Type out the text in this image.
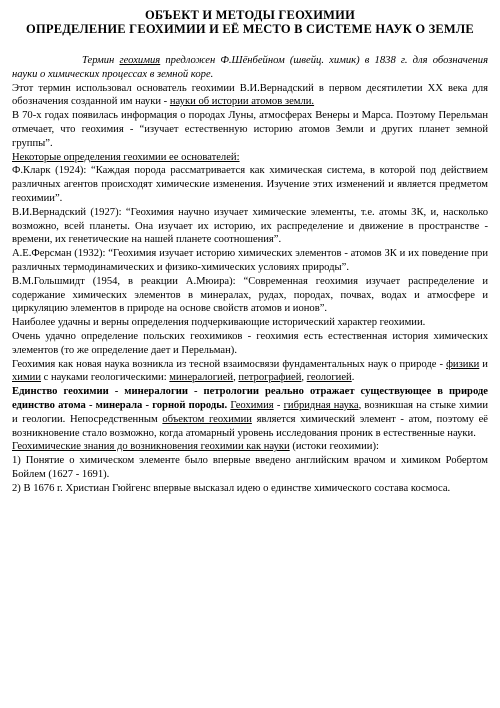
ОБЪЕКТ И МЕТОДЫ ГЕОХИМИИ
ОПРЕДЕЛЕНИЕ ГЕОХИМИИ И ЕЁ МЕСТО В СИСТЕМЕ НАУК О ЗЕМЛЕ

Термин геохимия предложен Ф.Шёнбейном (швейц. химик) в 1838 г. для обозначения науки о химических процессах в земной коре.

Этот термин использовал основатель геохимии В.И.Вернадский в первом десятилетии XX века для обозначения созданной им науки - науки об истории атомов земли.

В 70-х годах появилась информация о породах Луны, атмосферах Венеры и Марса. Поэтому Перельман отмечает, что геохимия - “изучает естественную историю атомов Земли и других планет земной группы”.

Некоторые определения геохимии ее основателей:

Ф.Кларк (1924): “Каждая порода рассматривается как химическая система, в которой под действием различных агентов происходят химические изменения. Изучение этих изменений и является предметом геохимии”.

В.И.Вернадский (1927): “Геохимия научно изучает химические элементы, т.е. атомы ЗК, и, насколько возможно, всей планеты. Она изучает их историю, их распределение и движение в пространстве - времени, их генетические на нашей планете соотношения”.

А.Е.Ферсман (1932): “Геохимия изучает историю химических элементов - атомов ЗК и их поведение при различных термодинамических и физико-химических условиях природы”.

В.М.Гольшмидт (1954, в реакции А.Мюира): “Современная геохимия изучает распределение и содержание химических элементов в минералах, рудах, породах, почвах, водах и атмосфере и циркуляцию элементов в природе на основе свойств атомов и ионов”.

Наиболее удачны и верны определения подчеркивающие исторический характер геохимии.

Очень удачно определение польских геохимиков - геохимия есть естественная история химических элементов (то же определение дает и Перельман).

Геохимия как новая наука возникла из тесной взаимосвязи фундаментальных наук о природе - физики и химии с науками геологическими: минералогией, петрографией, геологией.

Единство геохимии - минералогии - петрологии реально отражает существующее в природе единство атома - минерала - горной породы. Геохимия - гибридная наука, возникшая на стыке химии и геологии. Непосредственным объектом геохимии является химический элемент - атом, поэтому её возникновение стало возможно, когда атомарный уровень исследования проник в естественные науки.

Геохимические знания до возникновения геохимии как науки (истоки геохимии):

1) Понятие о химическом элементе было впервые введено английским врачом и химиком Робертом Бойлем (1627 - 1691).

2) В 1676 г. Христиан Гюйгенс впервые высказал идею о единстве химического состава космоса.
